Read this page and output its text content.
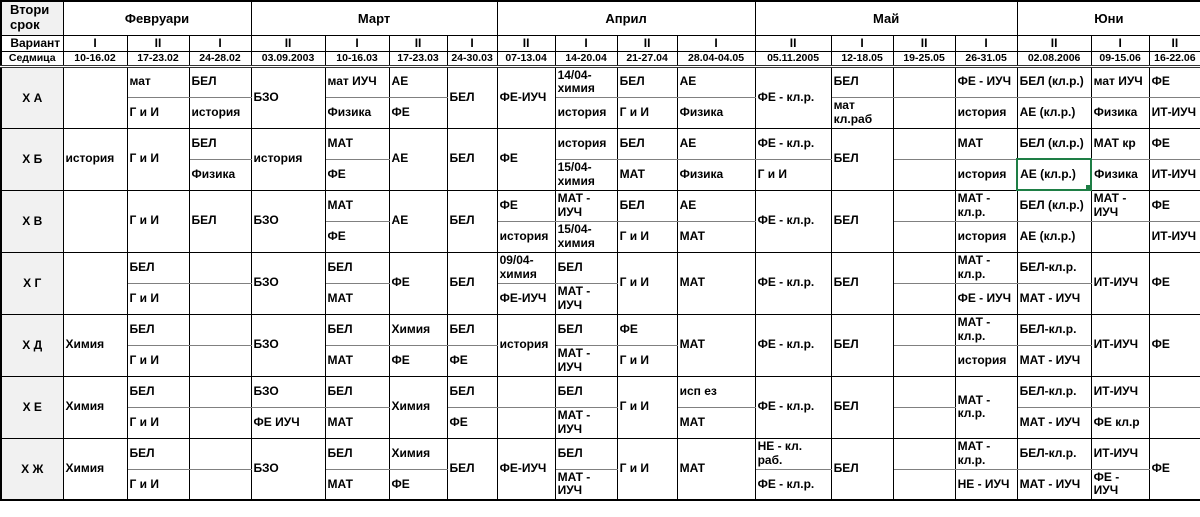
Втори
срок	Февруари			Март				Април				Май				Юни		
Вариант	I	II	I	II	I	II	I	II	I	II	I	II	I	II	I	II	I	II
Седмица	10-16.02	17-23.02	24-28.02	03.09.2003	10-16.03	17-23.03	24-30.03	07-13.04	14-20.04	21-27.04	28.04-04.05	05.11.2005	12-18.05	19-25.05	26-31.05	02.08.2006	09-15.06	16-22.06
Х А		мат	БЕЛ	БЗО	мат ИУЧ	АЕ	БЕЛ	ФЕ-ИУЧ	14/04-химия	БЕЛ	АЕ	ФЕ - кл.р.	БЕЛ		ФЕ - ИУЧ	БЕЛ (кл.р.)	мат ИУЧ	ФЕ
		Г и И	история		Физика	ФЕ			история	Г и И	Физика		мат кл.раб		история	АЕ (кл.р.)	Физика	ИТ-ИУЧ
Х Б	история	Г и И	БЕЛ	история	МАТ	АЕ	БЕЛ	ФЕ	история	БЕЛ	АЕ	ФЕ - кл.р.	БЕЛ		МАТ	БЕЛ (кл.р.)	МАТ кр	ФЕ
			Физика		ФЕ				15/04-химия	МАТ	Физика	Г и И			история	АЕ (кл.р.)	Физика	ИТ-ИУЧ
Х В		Г и И	БЕЛ	БЗО	МАТ	АЕ	БЕЛ	ФЕ	МАТ - ИУЧ	БЕЛ	АЕ	ФЕ - кл.р.	БЕЛ		МАТ - кл.р.	БЕЛ (кл.р.)	МАТ - ИУЧ	ФЕ
					ФЕ			история	15/04-химия	Г и И	МАТ				история	АЕ (кл.р.)		ИТ-ИУЧ
Х Г		БЕЛ		БЗО	БЕЛ	ФЕ	БЕЛ	09/04-химия	БЕЛ	Г и И	МАТ	ФЕ - кл.р.	БЕЛ		МАТ - кл.р.	БЕЛ-кл.р.	ИТ-ИУЧ	ФЕ
		Г и И			МАТ			ФЕ-ИУЧ	МАТ - ИУЧ						ФЕ - ИУЧ	МАТ - ИУЧ		
Х Д	Химия	БЕЛ		БЗО	БЕЛ	Химия	БЕЛ	история	БЕЛ	ФЕ	МАТ	ФЕ - кл.р.	БЕЛ		МАТ - кл.р.	БЕЛ-кл.р.	ИТ-ИУЧ	ФЕ
		Г и И			МАТ	ФЕ	ФЕ		МАТ - ИУЧ	Г и И					история	МАТ - ИУЧ		
Х Е	Химия	БЕЛ		БЗО	БЕЛ	Химия	БЕЛ		БЕЛ	Г и И	исп ез	ФЕ - кл.р.	БЕЛ		МАТ - кл.р.	БЕЛ-кл.р.	ИТ-ИУЧ	
		Г и И		ФЕ ИУЧ	МАТ		ФЕ		МАТ - ИУЧ		МАТ					МАТ - ИУЧ	ФЕ кл.р	
Х Ж	Химия	БЕЛ		БЗО	БЕЛ	Химия	БЕЛ	ФЕ-ИУЧ	БЕЛ	Г и И	МАТ	НЕ - кл. раб.	БЕЛ		МАТ - кл.р.	БЕЛ-кл.р.	ИТ-ИУЧ	ФЕ
		Г и И			МАТ	ФЕ			МАТ - ИУЧ			ФЕ - кл.р.			НЕ - ИУЧ	МАТ - ИУЧ	ФЕ - ИУЧ	
